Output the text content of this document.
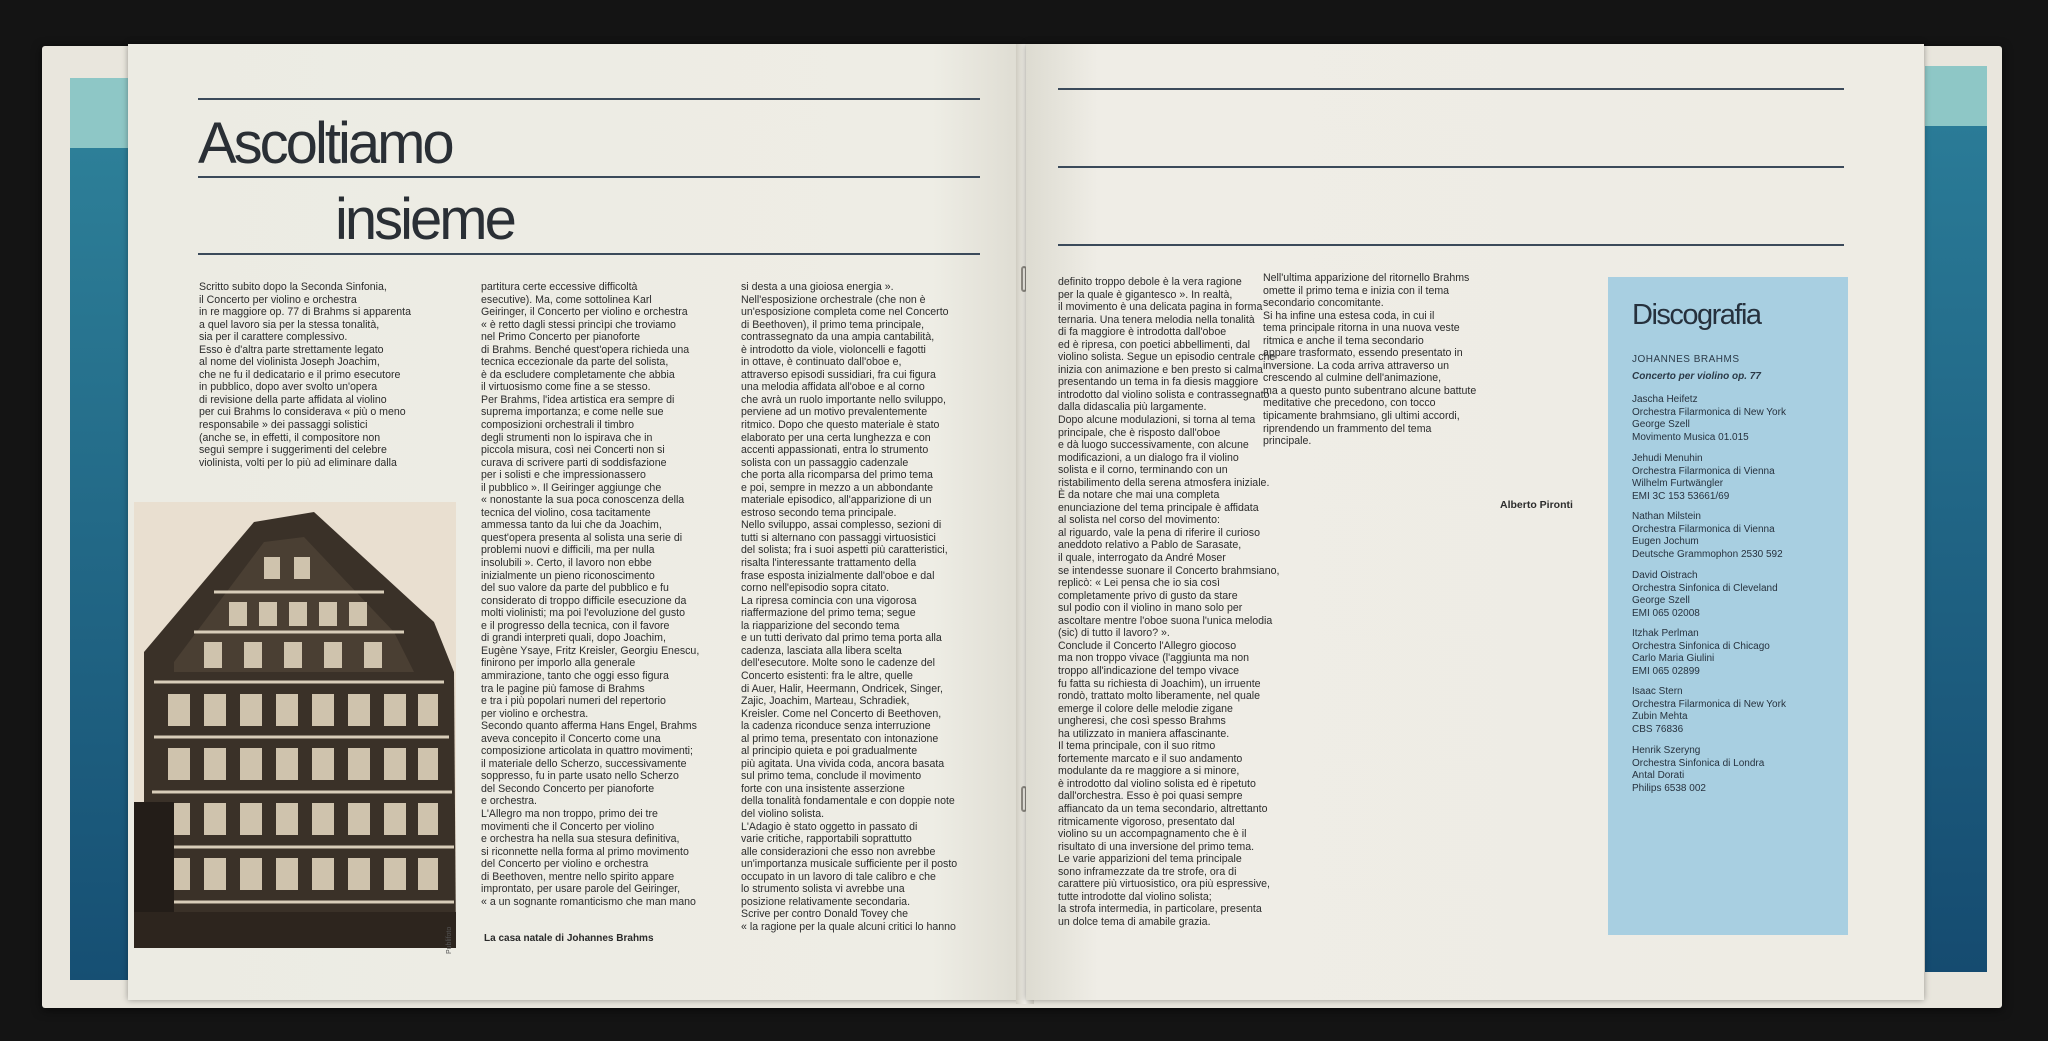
Ascoltiamo
insieme
Scritto subito dopo la Seconda Sinfonia,
il Concerto per violino e orchestra
in re maggiore op. 77 di Brahms si apparenta
a quel lavoro sia per la stessa tonalità,
sia per il carattere complessivo.
Esso è d'altra parte strettamente legato
al nome del violinista Joseph Joachim,
che ne fu il dedicatario e il primo esecutore
in pubblico, dopo aver svolto un'opera
di revisione della parte affidata al violino
per cui Brahms lo considerava « più o meno
responsabile » dei passaggi solistici
(anche se, in effetti, il compositore non
seguì sempre i suggerimenti del celebre
violinista, volti per lo più ad eliminare dalla
partitura certe eccessive difficoltà
esecutive). Ma, come sottolinea Karl
Geiringer, il Concerto per violino e orchestra
« è retto dagli stessi princìpi che troviamo
nel Primo Concerto per pianoforte
di Brahms. Benché quest'opera richieda una
tecnica eccezionale da parte del solista,
è da escludere completamente che abbia
il virtuosismo come fine a se stesso.
Per Brahms, l'idea artistica era sempre di
suprema importanza; e come nelle sue
composizioni orchestrali il timbro
degli strumenti non lo ispirava che in
piccola misura, così nei Concerti non si
curava di scrivere parti di soddisfazione
per i solisti e che impressionassero
il pubblico ». Il Geiringer aggiunge che
« nonostante la sua poca conoscenza della
tecnica del violino, cosa tacitamente
ammessa tanto da lui che da Joachim,
quest'opera presenta al solista una serie di
problemi nuovi e difficili, ma per nulla
insolubili ». Certo, il lavoro non ebbe
inizialmente un pieno riconoscimento
del suo valore da parte del pubblico e fu
considerato di troppo difficile esecuzione da
molti violinisti; ma poi l'evoluzione del gusto
e il progresso della tecnica, con il favore
di grandi interpreti quali, dopo Joachim,
Eugène Ysaye, Fritz Kreisler, Georgiu Enescu,
finirono per imporlo alla generale
ammirazione, tanto che oggi esso figura
tra le pagine più famose di Brahms
e tra i più popolari numeri del repertorio
per violino e orchestra.
Secondo quanto afferma Hans Engel, Brahms
aveva concepito il Concerto come una
composizione articolata in quattro movimenti;
il materiale dello Scherzo, successivamente
soppresso, fu in parte usato nello Scherzo
del Secondo Concerto per pianoforte
e orchestra.
L'Allegro ma non troppo, primo dei tre
movimenti che il Concerto per violino
e orchestra ha nella sua stesura definitiva,
si riconnette nella forma al primo movimento
del Concerto per violino e orchestra
di Beethoven, mentre nello spirito appare
improntato, per usare parole del Geiringer,
« a un sognante romanticismo che man mano
si desta a una gioiosa energia ».
Nell'esposizione orchestrale (che non è
un'esposizione completa come nel Concerto
di Beethoven), il primo tema principale,
contrassegnato da una ampia cantabilità,
è introdotto da viole, violoncelli e fagotti
in ottave, è continuato dall'oboe e,
attraverso episodi sussidiari, fra cui figura
una melodia affidata all'oboe e al corno
che avrà un ruolo importante nello sviluppo,
perviene ad un motivo prevalentemente
ritmico. Dopo che questo materiale è stato
elaborato per una certa lunghezza e con
accenti appassionati, entra lo strumento
solista con un passaggio cadenzale
che porta alla ricomparsa del primo tema
e poi, sempre in mezzo a un abbondante
materiale episodico, all'apparizione di un
estroso secondo tema principale.
Nello sviluppo, assai complesso, sezioni di
tutti si alternano con passaggi virtuosistici
del solista; fra i suoi aspetti più caratteristici,
risalta l'interessante trattamento della
frase esposta inizialmente dall'oboe e dal
corno nell'episodio sopra citato.
La ripresa comincia con una vigorosa
riaffermazione del primo tema; segue
la riapparizione del secondo tema
e un tutti derivato dal primo tema porta alla
cadenza, lasciata alla libera scelta
dell'esecutore. Molte sono le cadenze del
Concerto esistenti: fra le altre, quelle
di Auer, Halir, Heermann, Ondricek, Singer,
Zajic, Joachim, Marteau, Schradiek,
Kreisler. Come nel Concerto di Beethoven,
la cadenza riconduce senza interruzione
al primo tema, presentato con intonazione
al principio quieta e poi gradualmente
più agitata. Una vivida coda, ancora basata
sul primo tema, conclude il movimento
forte con una insistente asserzione
della tonalità fondamentale e con doppie note
del violino solista.
L'Adagio è stato oggetto in passato di
varie critiche, rapportabili soprattutto
alle considerazioni che esso non avrebbe
un'importanza musicale sufficiente per il posto
occupato in un lavoro di tale calibro e che
lo strumento solista vi avrebbe una
posizione relativamente secondaria.
Scrive per contro Donald Tovey che
« la ragione per la quale alcuni critici lo hanno
La casa natale di Johannes Brahms
Publifoto
definito troppo debole è la vera ragione
per la quale è gigantesco ». In realtà,
il movimento è una delicata pagina in forma
ternaria. Una tenera melodia nella tonalità
di fa maggiore è introdotta dall'oboe
ed è ripresa, con poetici abbellimenti, dal
violino solista. Segue un episodio centrale che
inizia con animazione e ben presto si calma
presentando un tema in fa diesis maggiore
introdotto dal violino solista e contrassegnato
dalla didascalia più largamente.
Dopo alcune modulazioni, si torna al tema
principale, che è risposto dall'oboe
e dà luogo successivamente, con alcune
modificazioni, a un dialogo fra il violino
solista e il corno, terminando con un
ristabilimento della serena atmosfera iniziale.
È da notare che mai una completa
enunciazione del tema principale è affidata
al solista nel corso del movimento:
al riguardo, vale la pena di riferire il curioso
aneddoto relativo a Pablo de Sarasate,
il quale, interrogato da André Moser
se intendesse suonare il Concerto brahmsiano,
replicò: « Lei pensa che io sia così
completamente privo di gusto da stare
sul podio con il violino in mano solo per
ascoltare mentre l'oboe suona l'unica melodia
(sic) di tutto il lavoro? ».
Conclude il Concerto l'Allegro giocoso
ma non troppo vivace (l'aggiunta ma non
troppo all'indicazione del tempo vivace
fu fatta su richiesta di Joachim), un irruente
rondò, trattato molto liberamente, nel quale
emerge il colore delle melodie zigane
ungheresi, che così spesso Brahms
ha utilizzato in maniera affascinante.
Il tema principale, con il suo ritmo
fortemente marcato e il suo andamento
modulante da re maggiore a si minore,
è introdotto dal violino solista ed è ripetuto
dall'orchestra. Esso è poi quasi sempre
affiancato da un tema secondario, altrettanto
ritmicamente vigoroso, presentato dal
violino su un accompagnamento che è il
risultato di una inversione del primo tema.
Le varie apparizioni del tema principale
sono inframezzate da tre strofe, ora di
carattere più virtuosistico, ora più espressive,
tutte introdotte dal violino solista;
la strofa intermedia, in particolare, presenta
un dolce tema di amabile grazia.
Nell'ultima apparizione del ritornello Brahms
omette il primo tema e inizia con il tema
secondario concomitante.
Si ha infine una estesa coda, in cui il
tema principale ritorna in una nuova veste
ritmica e anche il tema secondario
appare trasformato, essendo presentato in
inversione. La coda arriva attraverso un
crescendo al culmine dell'animazione,
ma a questo punto subentrano alcune battute
meditative che precedono, con tocco
tipicamente brahmsiano, gli ultimi accordi,
riprendendo un frammento del tema
principale.
Alberto Pironti
Discografia
JOHANNES BRAHMS
Concerto per violino op. 77
Jascha Heifetz
Orchestra Filarmonica di New York
George Szell
Movimento Musica 01.015
Jehudi Menuhin
Orchestra Filarmonica di Vienna
Wilhelm Furtwängler
EMI 3C 153 53661/69
Nathan Milstein
Orchestra Filarmonica di Vienna
Eugen Jochum
Deutsche Grammophon 2530 592
David Oistrach
Orchestra Sinfonica di Cleveland
George Szell
EMI 065 02008
Itzhak Perlman
Orchestra Sinfonica di Chicago
Carlo Maria Giulini
EMI 065 02899
Isaac Stern
Orchestra Filarmonica di New York
Zubin Mehta
CBS 76836
Henrik Szeryng
Orchestra Sinfonica di Londra
Antal Dorati
Philips 6538 002
